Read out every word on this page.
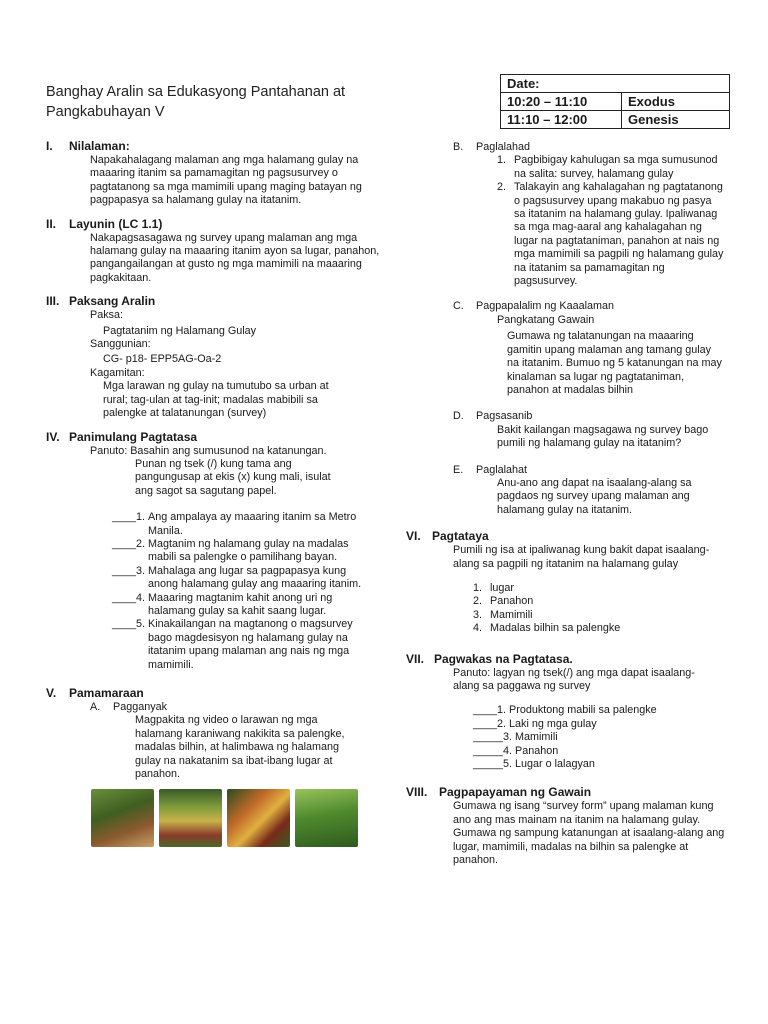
Banghay Aralin sa Edukasyong Pantahanan at Pangkabuhayan V
Date:	
10:20 – 11:10	Exodus
11:10 – 12:00	Genesis
I.	Nilalaman:
Napakahalagang malaman ang mga halamang gulay na maaaring itanim sa pamamagitan ng pagsusurvey o pagtatanong sa mga mamimili upang maging batayan ng pagpapasya sa halamang gulay na itatanim.
II.	Layunin (LC 1.1)
Nakapagsasagawa ng survey upang malaman ang mga halamang gulay na maaaring itanim ayon sa lugar, panahon, pangangailangan at gusto ng mga mamimili na maaaring pagkakitaan.
III. Paksang Aralin
Paksa:
Pagtatanim ng Halamang Gulay
Sanggunian:
CG- p18- EPP5AG-Oa-2
Kagamitan:
Mga larawan ng gulay na tumutubo sa urban at rural; tag-ulan at tag-init; madalas mabibili sa palengke at talatanungan (survey)
IV. Panimulang Pagtatasa
Panuto: Basahin ang sumusunod na katanungan.
Punan ng tsek (/) kung tama ang pangungusap at ekis (x) kung mali, isulat ang sagot sa sagutang papel.
____1. Ang ampalaya ay maaaring itanim sa Metro Manila.
____2. Magtanim ng halamang gulay na madalas mabili sa palengke o pamilihang bayan.
____3. Mahalaga ang lugar sa pagpapasya kung anong halamang gulay ang maaaring itanim.
____4. Maaaring magtanim kahit anong uri ng halamang gulay sa kahit saang lugar.
____5. Kinakailangan na magtanong o magsurvey bago magdesisyon ng halamang gulay na itatanim upang malaman ang nais ng mga mamimili.
V.	Pamamaraan
A.	Pagganyak
Magpakita ng video o larawan ng mga halamang karaniwang nakikita sa palengke, madalas bilhin, at halimbawa ng halamang gulay na nakatanim sa ibat-ibang lugar at panahon.
B.	Paglalahad
1. Pagbibigay kahulugan sa mga sumusunod na salita: survey, halamang gulay
2. Talakayin ang kahalagahan ng pagtatanong o pagsusurvey upang makabuo ng pasya sa itatanim na halamang gulay. Ipaliwanag sa mga mag-aaral ang kahalagahan ng lugar na pagtataniman, panahon at nais ng mga mamimili sa pagpili ng halamang gulay na itatanim sa pamamagitan ng pagsusurvey.
C.	Pagpapalalim ng Kaaalaman
Pangkatang Gawain
Gumawa ng talatanungan na maaaring gamitin upang malaman ang tamang gulay na itatanim. Bumuo ng 5 katanungan na may kinalaman sa lugar ng pagtataniman, panahon at madalas bilhin
D.	Pagsasanib
Bakit kailangan magsagawa ng survey bago pumili ng halamang gulay na itatanim?
E.	Paglalahat
Anu-ano ang dapat na isaalang-alang sa pagdaos ng survey upang malaman ang halamang gulay na itatanim.
VI. Pagtataya
Pumili ng isa at ipaliwanag kung bakit dapat isaalang-alang sa pagpili ng itatanim na halamang gulay
1. lugar
2. Panahon
3. Mamimili
4. Madalas bilhin sa palengke
VII. Pagwakas na Pagtatasa.
Panuto: lagyan ng tsek(/) ang mga dapat isaalang-alang sa paggawa ng survey
____1. Produktong mabili sa palengke
____2. Laki ng mga gulay
_____3. Mamimili
_____4. Panahon
_____5. Lugar o lalagyan
VIII. Pagpapayaman ng Gawain
Gumawa ng isang “survey form” upang malaman kung ano ang mas mainam na itanim na halamang gulay. Gumawa ng sampung katanungan at isaalang-alang ang lugar, mamimili, madalas na bilhin sa palengke at panahon.
